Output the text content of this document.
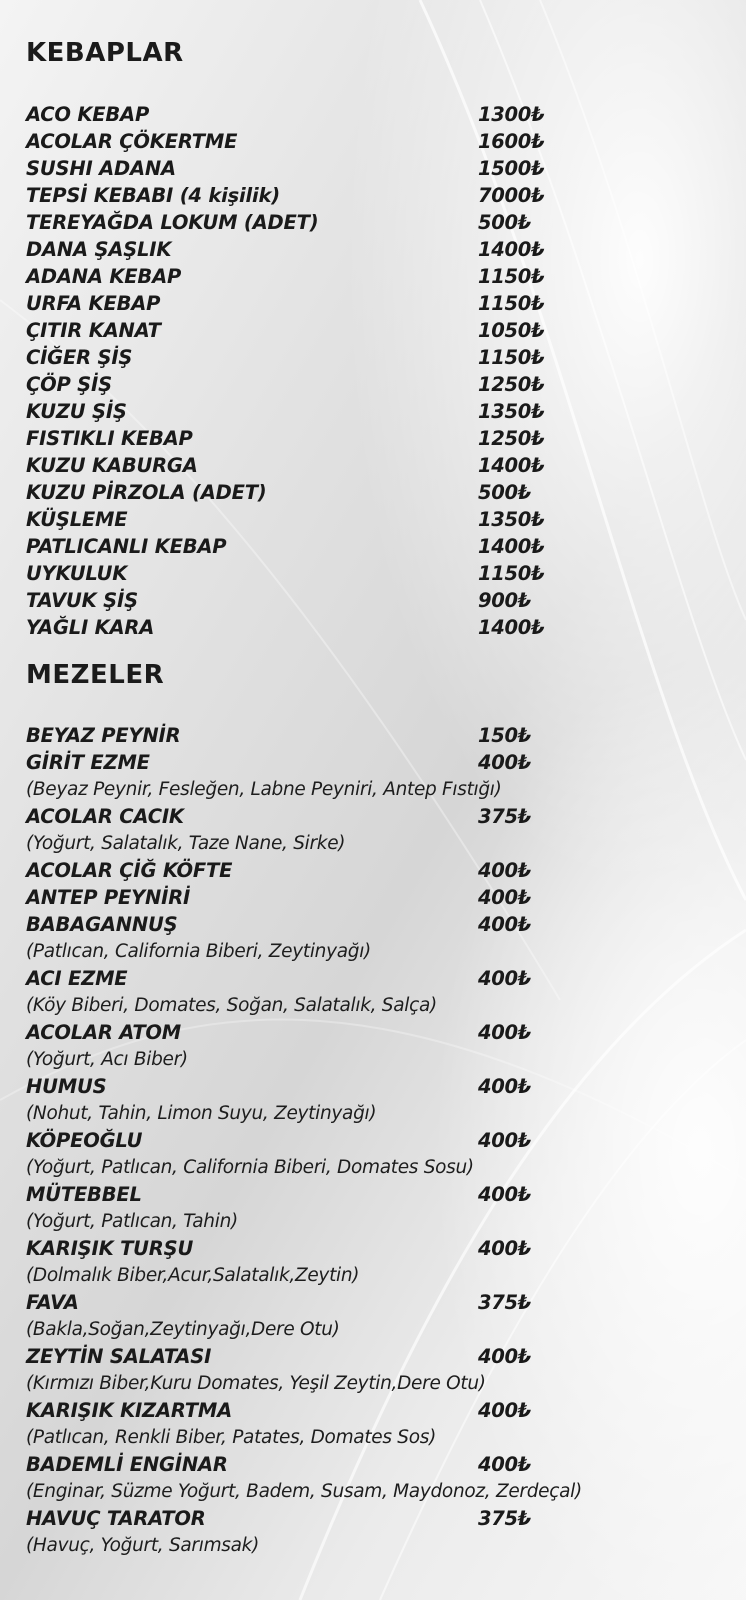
KEBAPLAR
ACO KEBAP	1300₺
ACOLAR ÇÖKERTME	1600₺
SUSHI ADANA	1500₺
TEPSİ KEBABI (4 kişilik)	7000₺
TEREYAĞDA LOKUM (ADET)	500₺
DANA ŞAŞLIK	1400₺
ADANA KEBAP	1150₺
URFA KEBAP	1150₺
ÇITIR KANAT	1050₺
CİĞER ŞİŞ	1150₺
ÇÖP ŞİŞ	1250₺
KUZU ŞİŞ	1350₺
FISTIKLI KEBAP	1250₺
KUZU KABURGA	1400₺
KUZU PİRZOLA (ADET)	500₺
KÜŞLEME	1350₺
PATLICANLI KEBAP	1400₺
UYKULUK	1150₺
TAVUK ŞİŞ	900₺
YAĞLI KARA	1400₺
MEZELER
BEYAZ PEYNİR	150₺
GİRİT EZME	400₺
(Beyaz Peynir, Fesleğen, Labne Peyniri, Antep Fıstığı)
ACOLAR CACIK	375₺
(Yoğurt, Salatalık, Taze Nane, Sirke)
ACOLAR ÇİĞ KÖFTE	400₺
ANTEP PEYNİRİ	400₺
BABAGANNUŞ	400₺
(Patlıcan, California Biberi, Zeytinyağı)
ACI EZME	400₺
(Köy Biberi, Domates, Soğan, Salatalık, Salça)
ACOLAR ATOM	400₺
(Yoğurt, Acı Biber)
HUMUS	400₺
(Nohut, Tahin, Limon Suyu, Zeytinyağı)
KÖPEOĞLU	400₺
(Yoğurt, Patlıcan, California Biberi, Domates Sosu)
MÜTEBBEL	400₺
(Yoğurt, Patlıcan, Tahin)
KARIŞIK TURŞU	400₺
(Dolmalık Biber,Acur,Salatalık,Zeytin)
FAVA	375₺
(Bakla,Soğan,Zeytinyağı,Dere Otu)
ZEYTİN SALATASI	400₺
(Kırmızı Biber,Kuru Domates, Yeşil Zeytin,Dere Otu)
KARIŞIK KIZARTMA	400₺
(Patlıcan, Renkli Biber, Patates, Domates Sos)
BADEMLİ ENGİNAR	400₺
(Enginar, Süzme Yoğurt, Badem, Susam, Maydonoz, Zerdeçal)
HAVUÇ TARATOR	375₺
(Havuç, Yoğurt, Sarımsak)
